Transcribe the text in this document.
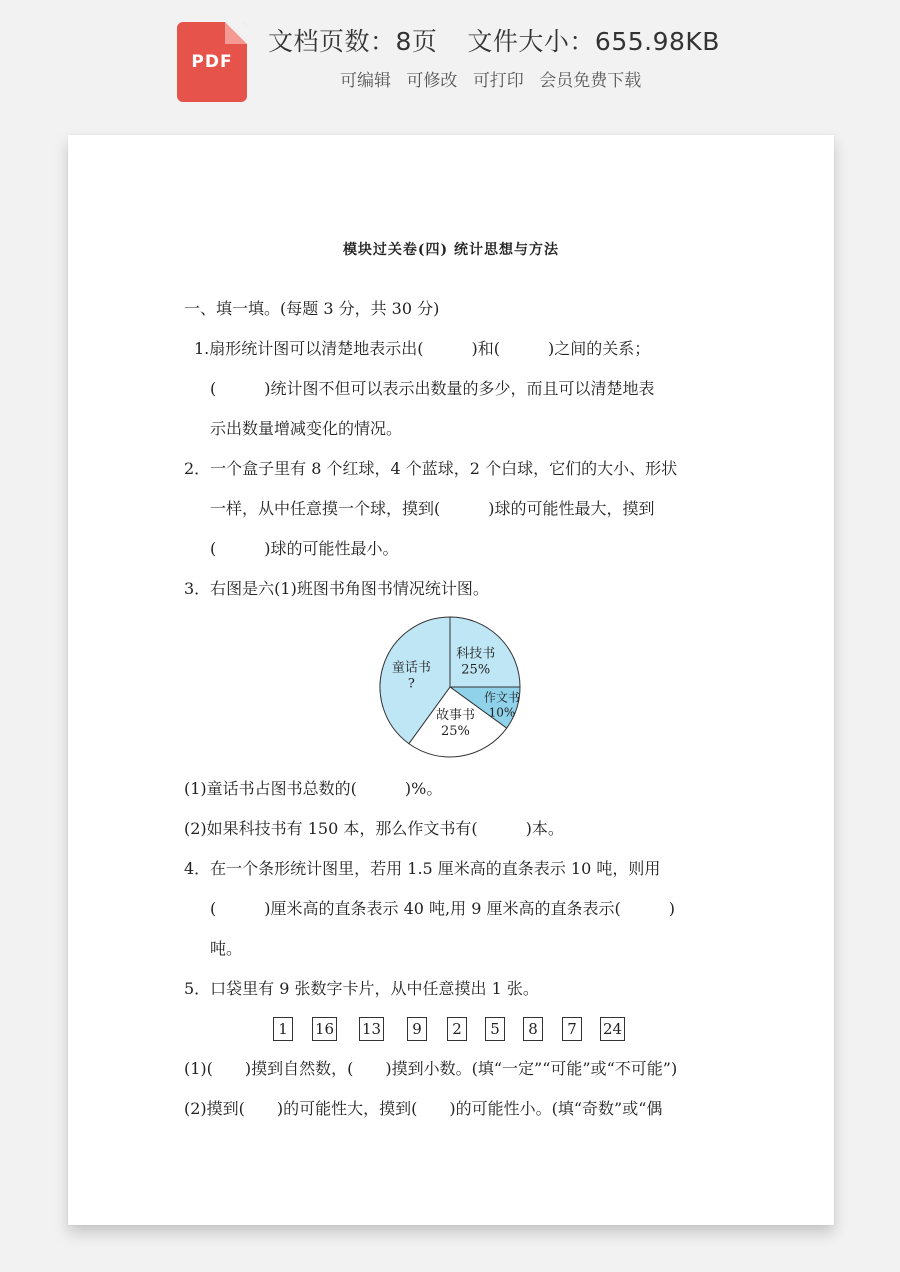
PDF
文档页数：8页 文件大小：655.98KB
可编辑 可修改 可打印 会员免费下载
模块过关卷(四) 统计思想与方法
一、填一填。(每题 3 分，共 30 分)
1.扇形统计图可以清楚地表示出(　　　)和(　　　)之间的关系；
(　　　)统计图不但可以表示出数量的多少，而且可以清楚地表
示出数量增减变化的情况。
2．一个盒子里有 8 个红球，4 个蓝球，2 个白球，它们的大小、形状
一样，从中任意摸一个球，摸到(　　　)球的可能性最大，摸到
(　　　)球的可能性最小。
3．右图是六(1)班图书角图书情况统计图。
科技书
25%
作文书
10%
故事书
25%
童话书
?
(1)童话书占图书总数的(　　　)%。
(2)如果科技书有 150 本，那么作文书有(　　　)本。
4．在一个条形统计图里，若用 1.5 厘米高的直条表示 10 吨，则用
(　　　)厘米高的直条表示 40 吨,用 9 厘米高的直条表示(　　　)
吨。
5．口袋里有 9 张数字卡片，从中任意摸出 1 张。
1	16 13	9	2	5	8	7	24
(1)(　　)摸到自然数，(　　)摸到小数。(填“一定”“可能”或“不可能”)
(2)摸到(　　)的可能性大，摸到(　　)的可能性小。(填“奇数”或“偶
